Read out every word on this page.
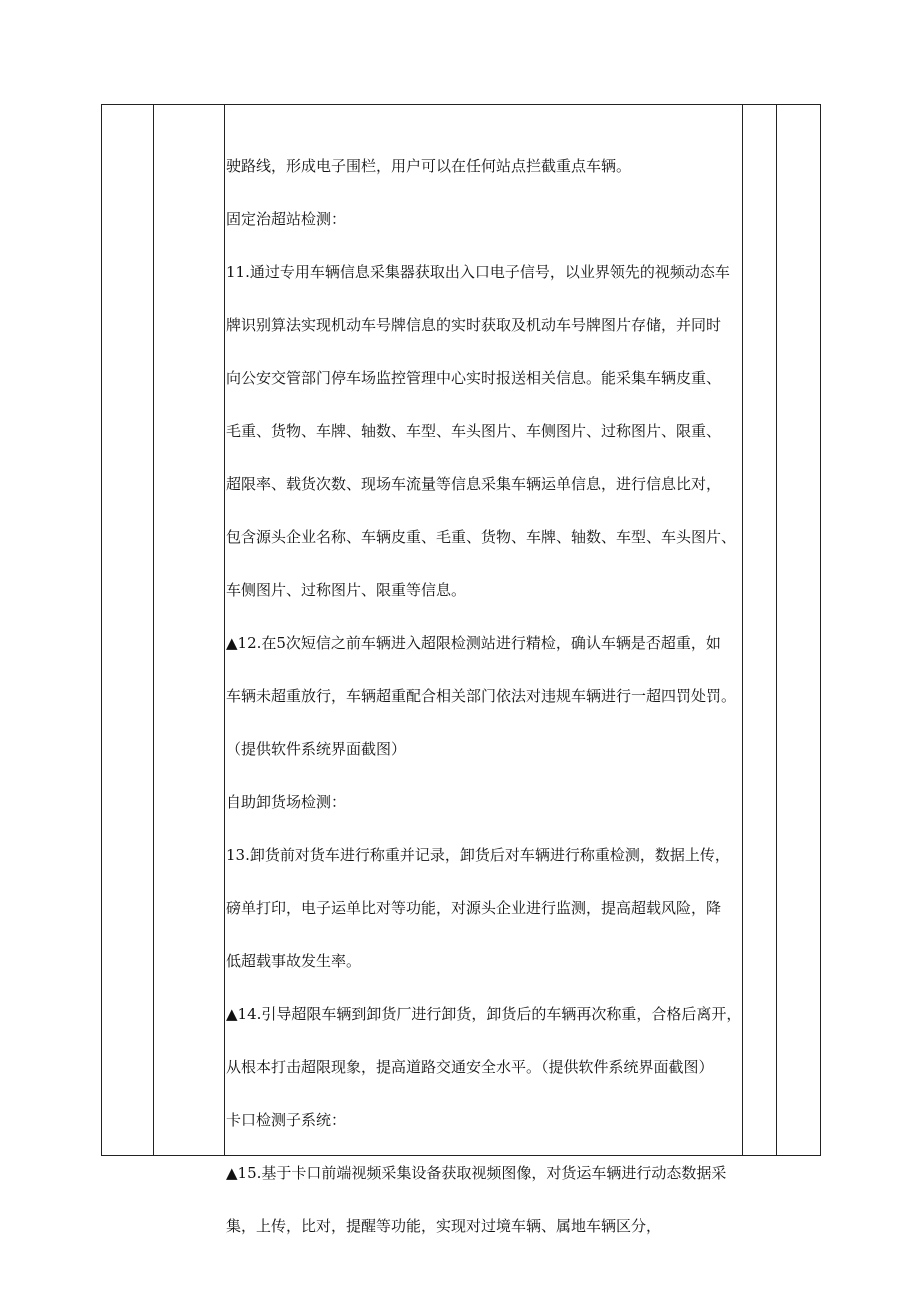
驶路线，形成电子围栏，用户可以在任何站点拦截重点车辆。
固定治超站检测：
11.通过专用车辆信息采集器获取出入口电子信号，以业界领先的视频动态车
牌识别算法实现机动车号牌信息的实时获取及机动车号牌图片存储，并同时
向公安交管部门停车场监控管理中心实时报送相关信息。能采集车辆皮重、
毛重、货物、车牌、轴数、车型、车头图片、车侧图片、过称图片、限重、
超限率、载货次数、现场车流量等信息采集车辆运单信息，进行信息比对，
包含源头企业名称、车辆皮重、毛重、货物、车牌、轴数、车型、车头图片、
车侧图片、过称图片、限重等信息。
▲12.在5次短信之前车辆进入超限检测站进行精检，确认车辆是否超重，如
车辆未超重放行，车辆超重配合相关部门依法对违规车辆进行一超四罚处罚。
（提供软件系统界面截图）
自助卸货场检测：
13.卸货前对货车进行称重并记录，卸货后对车辆进行称重检测，数据上传，
磅单打印，电子运单比对等功能，对源头企业进行监测，提高超载风险，降
低超载事故发生率。
▲14.引导超限车辆到卸货厂进行卸货，卸货后的车辆再次称重，合格后离开，
从根本打击超限现象，提高道路交通安全水平。（提供软件系统界面截图）
卡口检测子系统：
▲15.基于卡口前端视频采集设备获取视频图像，对货运车辆进行动态数据采
集，上传，比对，提醒等功能，实现对过境车辆、属地车辆区分，
